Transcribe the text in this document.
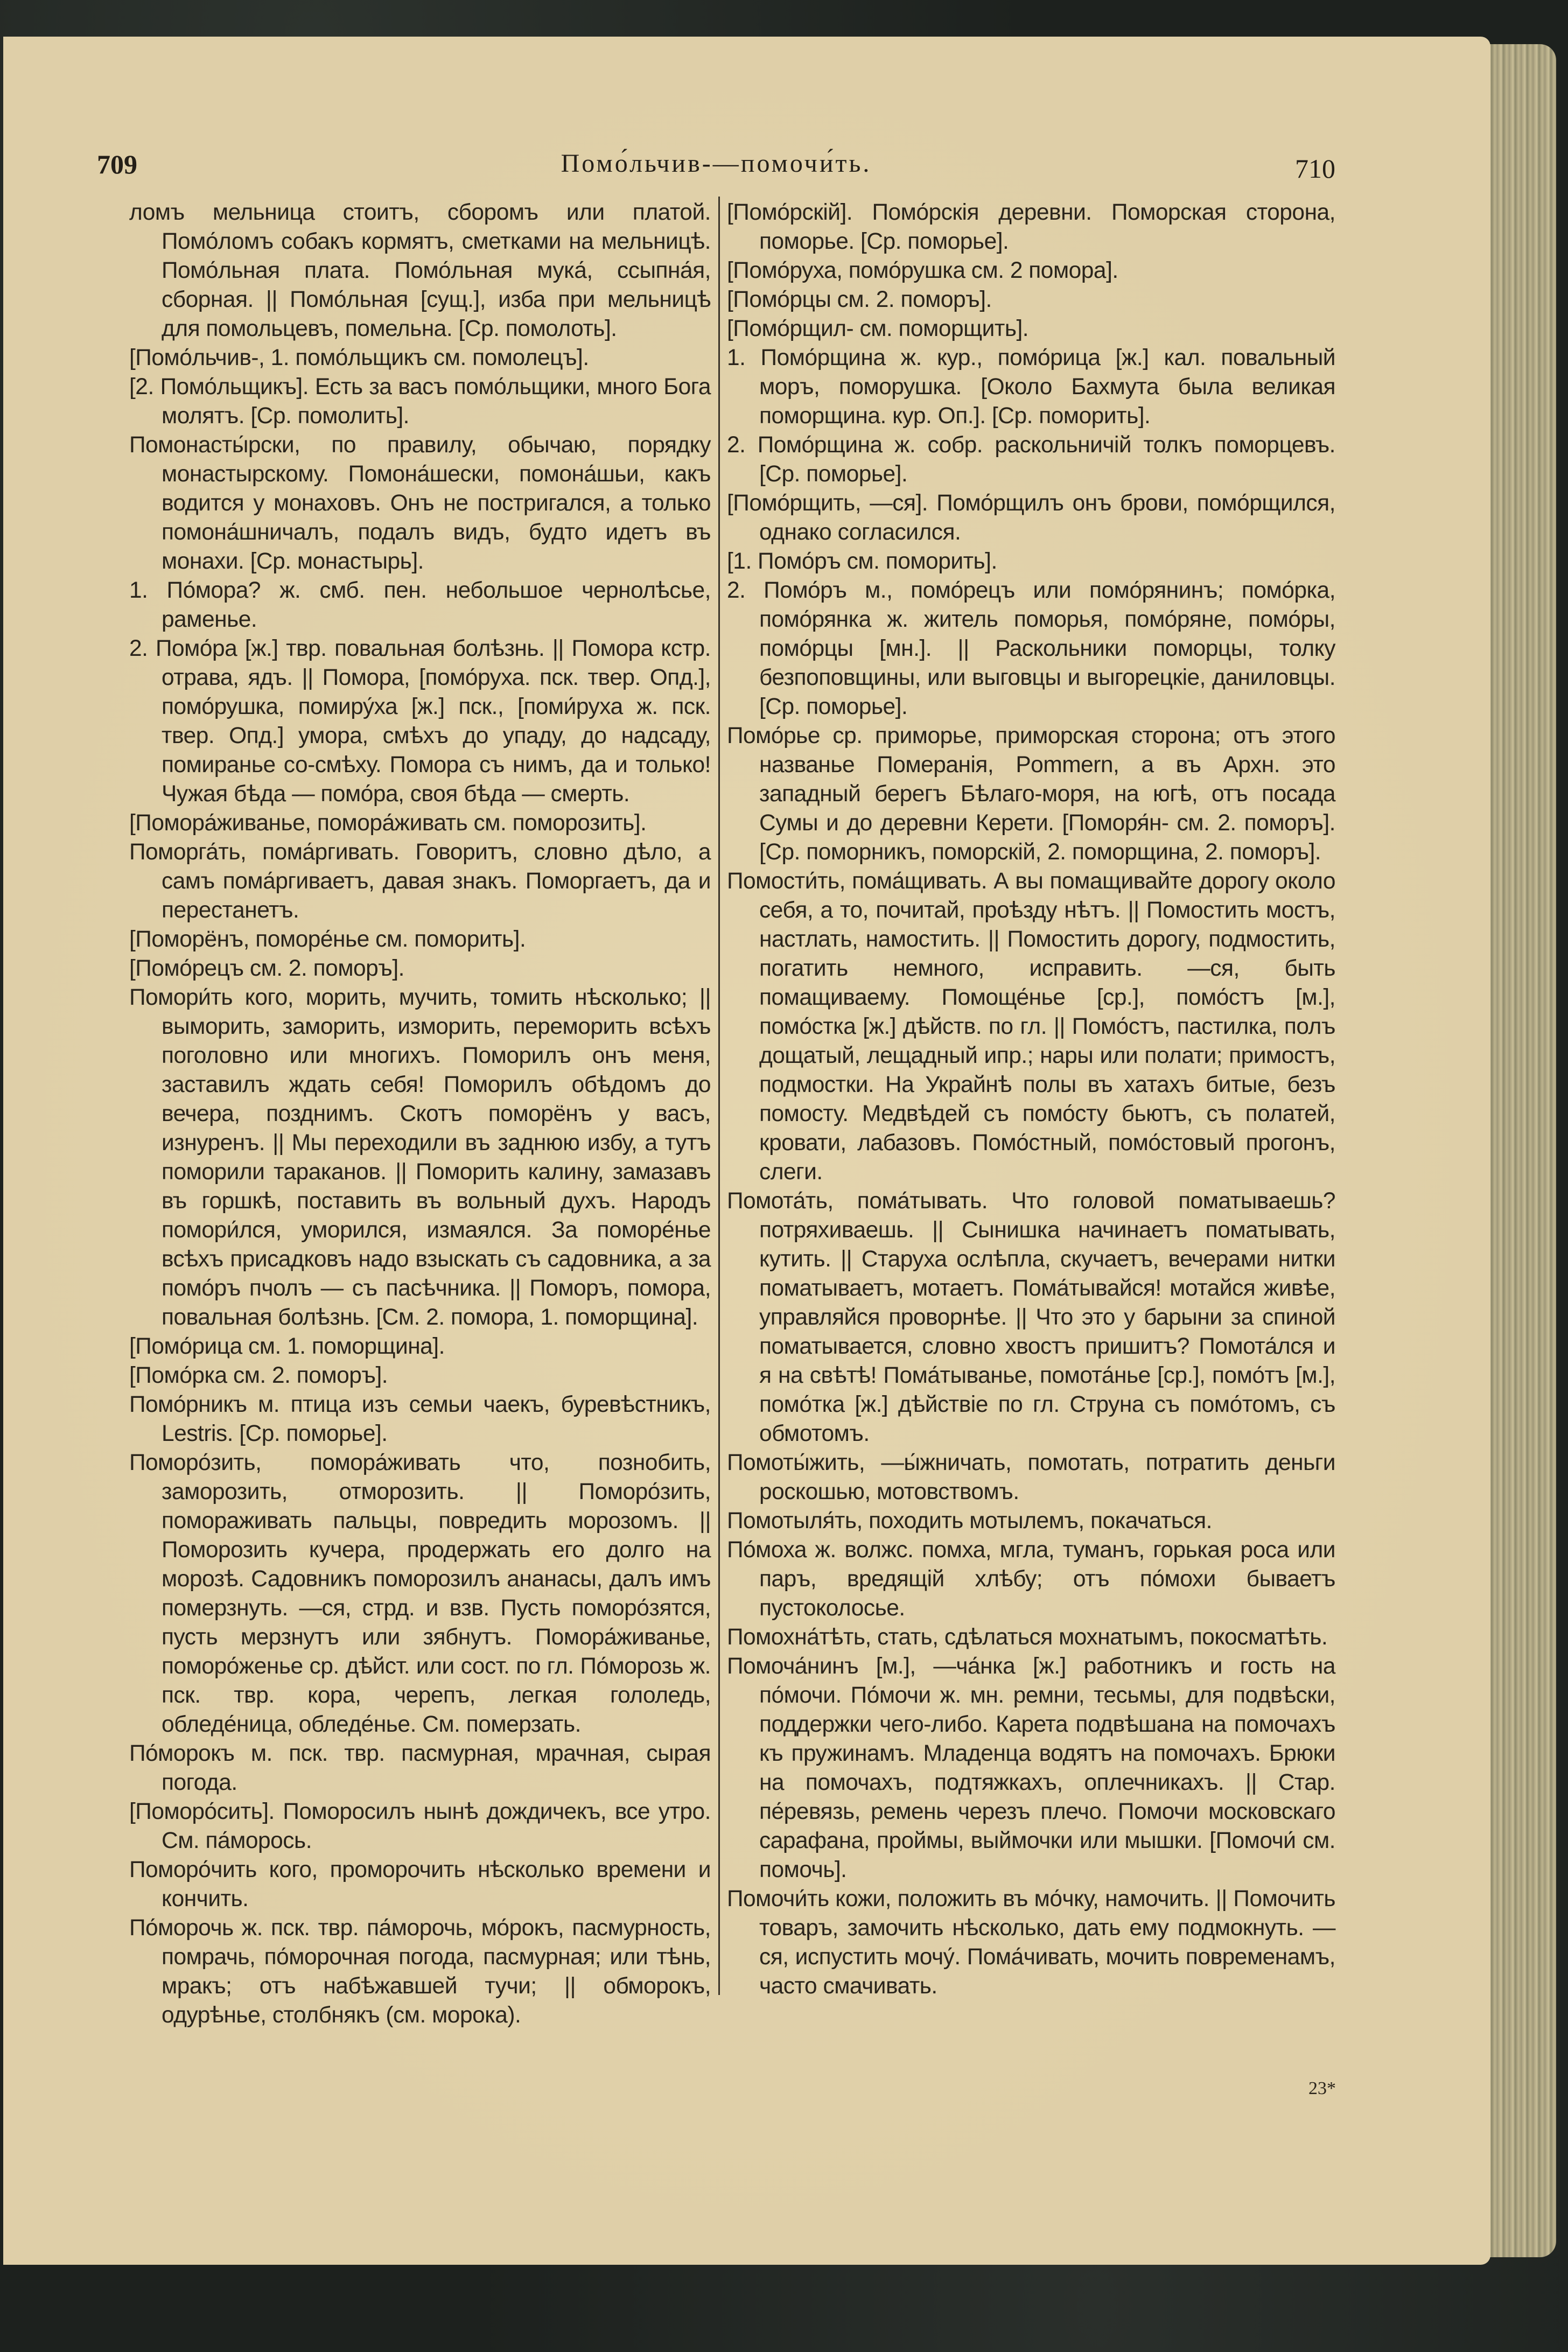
709	Помо́льчив-—помочи́ть.	710

ломъ мельница стоитъ, сборомъ или платой. Помо́ломъ собакъ кормятъ, сметками на мельницѣ. Помо́льная плата. Помо́льная мука́, ссыпна́я, сборная. || Помо́льная [сущ.], изба при мельницѣ для помольцевъ, помельна. [Ср. помолоть].

[Помо́льчив-, 1. помо́льщикъ см. помолецъ].

[2. Помо́льщикъ]. Есть за васъ помо́льщики, много Бога молятъ. [Ср. помолить].

Помонасты́рски, по правилу, обычаю, порядку монастырскому. Помона́шески, помона́шьи, какъ водится у монаховъ. Онъ не постригался, а только помона́шничалъ, подалъ видъ, будто идетъ въ монахи. [Ср. монастырь].

1. По́мора? ж. смб. пен. небольшое чернолѣсье, раменье.

2. Помо́ра [ж.] твр. повальная болѣзнь. || Помора кстр. отрава, ядъ. || Помора, [помо́руха. пск. твер. Опд.], помо́рушка, помиру́ха [ж.] пск., [поми́руха ж. пск. твер. Опд.] умора, смѣхъ до упаду, до надсаду, помиранье со-смѣху. Помора съ нимъ, да и только! Чужая бѣда — помо́ра, своя бѣда — смерть.

[Помора́живанье, помора́живать см. поморозить].

Поморга́ть, пома́ргивать. Говоритъ, словно дѣло, а самъ пома́ргиваетъ, давая знакъ. Поморгаетъ, да и перестанетъ.

[Поморёнъ, поморе́нье см. поморить].

[Помо́рецъ см. 2. поморъ].

Помори́ть кого, морить, мучить, томить нѣсколько; || выморить, заморить, изморить, переморить всѣхъ поголовно или многихъ. Поморилъ онъ меня, заставилъ ждать себя! Поморилъ обѣдомъ до вечера, позднимъ. Скотъ поморёнъ у васъ, изнуренъ. || Мы переходили въ заднюю избу, а тутъ поморили тараканов. || Поморить калину, замазавъ въ горшкѣ, поставить въ вольный духъ. Народъ помори́лся, уморился, измаялся. За поморе́нье всѣхъ присадковъ надо взыскать съ садовника, а за помо́ръ пчолъ — съ пасѣчника. || Поморъ, помора, повальная болѣзнь. [См. 2. помора, 1. поморщина].

[Помо́рица см. 1. поморщина].

[Помо́рка см. 2. поморъ].

Помо́рникъ м. птица изъ семьи чаекъ, буревѣстникъ, Lestris. [Ср. поморье].

Поморо́зить, помора́живать что, познобить, заморозить, отморозить. || Поморо́зить, помораживать пальцы, повредить морозомъ. || Поморозить кучера, продержать его долго на морозѣ. Садовникъ поморозилъ ананасы, далъ имъ померзнуть. —ся, стрд. и взв. Пусть поморо́зятся, пусть мерзнутъ или зябнутъ. Помора́живанье, поморо́женье ср. дѣйст. или сост. по гл. По́морозь ж. пск. твр. кора, черепъ, легкая гололедь, обледе́ница, обледе́нье. См. померзать.

По́морокъ м. пск. твр. пасмурная, мрачная, сырая погода.

[Поморо́сить]. Поморосилъ нынѣ дождичекъ, все утро. См. па́морось.

Поморо́чить кого, проморочить нѣсколько времени и кончить.

По́морочь ж. пск. твр. па́морочь, мо́рокъ, пасмурность, помрачь, по́морочная погода, пасмурная; или тѣнь, мракъ; отъ набѣжавшей тучи; || обморокъ, одурѣнье, столбнякъ (см. морока).

[Помо́рскій]. Помо́рскія деревни. Поморская сторона, поморье. [Ср. поморье].

[Помо́руха, помо́рушка см. 2 помора].

[Помо́рцы см. 2. поморъ].

[Помо́рщил- см. поморщить].

1. Помо́рщина ж. кур., помо́рица [ж.] кал. повальный моръ, поморушка. [Около Бахмута была великая поморщина. кур. Оп.]. [Ср. поморить].

2. Помо́рщина ж. собр. раскольничій толкъ поморцевъ. [Ср. поморье].

[Помо́рщить, —ся]. Помо́рщилъ онъ брови, помо́рщился, однако согласился.

[1. Помо́ръ см. поморить].

2. Помо́ръ м., помо́рецъ или помо́рянинъ; помо́рка, помо́рянка ж. житель поморья, помо́ряне, помо́ры, помо́рцы [мн.]. || Раскольники поморцы, толку безпоповщины, или выговцы и выгорецкіе, даниловцы. [Ср. поморье].

Помо́рье ср. приморье, приморская сторона; отъ этого названье Померанія, Pommern, а въ Архн. это западный берегъ Бѣлаго-моря, на югѣ, отъ посада Сумы и до деревни Керети. [Поморя́н- см. 2. поморъ]. [Ср. поморникъ, поморскій, 2. поморщина, 2. поморъ].

Помости́ть, пома́щивать. А вы помащивайте дорогу около себя, а то, почитай, проѣзду нѣтъ. || Помостить мостъ, настлать, намостить. || Помостить дорогу, подмостить, погатить немного, исправить. —ся, быть помащиваему. Помоще́нье [ср.], помо́стъ [м.], помо́стка [ж.] дѣйств. по гл. || Помо́стъ, пастилка, полъ дощатый, лещадный ипр.; нары или полати; примостъ, подмостки. На Украйнѣ полы въ хатахъ битые, безъ помосту. Медвѣдей съ помо́сту бьютъ, съ полатей, кровати, лабазовъ. Помо́стный, помо́стовый прогонъ, слеги.

Помота́ть, пома́тывать. Что головой поматываешь? потряхиваешь. || Сынишка начинаетъ поматывать, кутить. || Старуха ослѣпла, скучаетъ, вечерами нитки поматываетъ, мотаетъ. Пома́тывайся! мотайся живѣе, управляйся проворнѣе. || Что это у барыни за спиной поматывается, словно хвостъ пришитъ? Помота́лся и я на свѣтѣ! Пома́тыванье, помота́нье [ср.], помо́тъ [м.], помо́тка [ж.] дѣйствіе по гл. Струна съ помо́томъ, съ обмотомъ.

Помоты́жить, —ы́жничать, помотать, потратить деньги роскошью, мотовствомъ.

Помотыля́ть, походить мотылемъ, покачаться.

По́моха ж. волжс. помха, мгла, туманъ, горькая роса или паръ, вредящій хлѣбу; отъ по́мохи бываетъ пустоколосье.

Помохна́тѣть, стать, сдѣлаться мохнатымъ, покосматѣть.

Помоча́нинъ [м.], —ча́нка [ж.] работникъ и гость на по́мочи. По́мочи ж. мн. ремни, тесьмы, для подвѣски, поддержки чего-либо. Карета подвѣшана на помочахъ къ пружинамъ. Младенца водятъ на помочахъ. Брюки на помочахъ, подтяжкахъ, оплечникахъ. || Стар. пе́ревязь, ремень черезъ плечо. Помочи московскаго сарафана, проймы, выймочки или мышки. [Помочи́ см. помочь].

Помочи́ть кожи, положить въ мо́чку, намочить. || Помочить товаръ, замочить нѣсколько, дать ему подмокнуть. —ся, испустить мочу́. Пома́чивать, мочить повременамъ, часто смачивать.

23*
